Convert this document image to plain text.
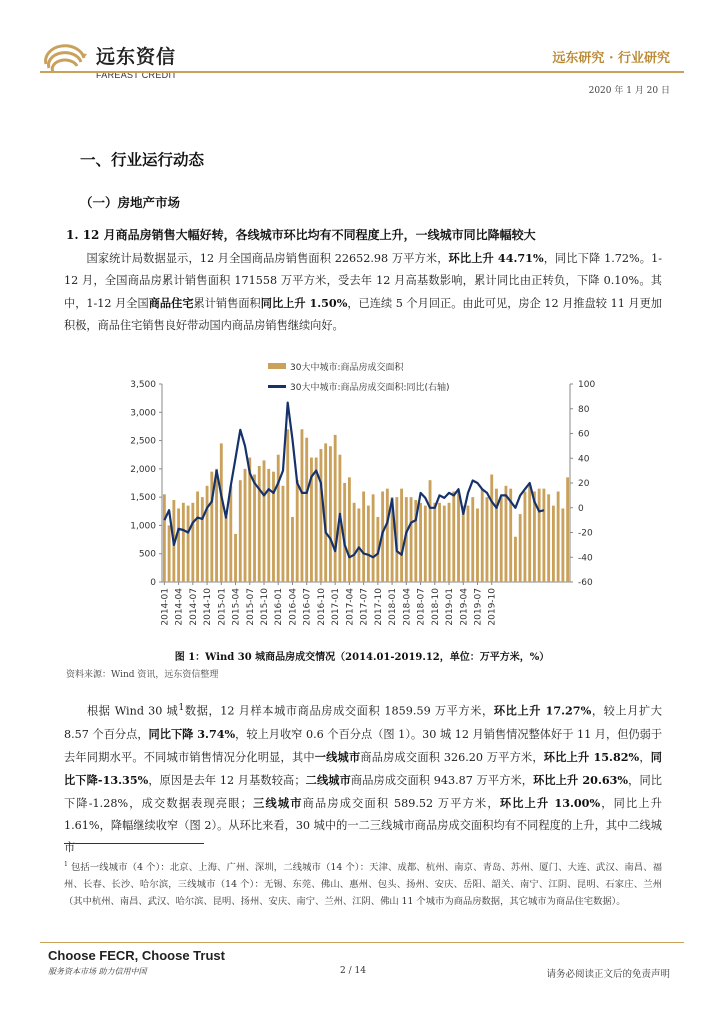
远东资信
FAREAST CREDIT
远东研究 · 行业研究
2020 年 1 月 20 日
一、行业运行动态
（一）房地产市场
1. 12 月商品房销售大幅好转，各线城市环比均有不同程度上升，一线城市同比降幅较大
  国家统计局数据显示，12 月全国商品房销售面积 22652.98 万平方米，环比上升 44.71%，同比下降 1.72%。1-12 月，全国商品房累计销售面积 171558 万平方米，受去年 12 月高基数影响，累计同比由正转负，下降 0.10%。其中，1-12 月全国商品住宅累计销售面积同比上升 1.50%，已连续 5 个月回正。由此可见，房企 12 月推盘较 11 月更加积极，商品住宅销售良好带动国内商品房销售继续向好。
30大中城市:商品房成交面积
30大中城市:商品房成交面积:同比(右轴)
0
500
1,000
1,500
2,000
2,500
3,000
3,500
-60
-40
-20
0
20
40
60
80
100
2014-01 2014-04 2014-07 2014-10 2015-01 2015-04 2015-07 2015-10 2016-01 2016-04 2016-07 2016-10 2017-01 2017-04 2017-07 2017-10 2018-01 2018-04 2018-07 2018-10 2019-01 2019-04 2019-07 2019-10
图 1：Wind 30 城商品房成交情况（2014.01-2019.12，单位：万平方米，%）
资料来源：Wind 资讯，远东资信整理
  根据 Wind 30 城$^1$数据，12 月样本城市商品房成交面积 1859.59 万平方米，环比上升 17.27%，较上月扩大 8.57 个百分点，同比下降 3.74%，较上月收窄 0.6 个百分点（图 1）。30 城 12 月销售情况整体好于 11 月，但仍弱于去年同期水平。不同城市销售情况分化明显，其中一线城市商品房成交面积 326.20 万平方米，环比上升 15.82%，同比下降-13.35%，原因是去年 12 月基数较高；二线城市商品房成交面积 943.87 万平方米，环比上升 20.63%，同比下降-1.28%，成交数据表现亮眼；三线城市商品房成交面积 589.52 万平方米，环比上升 13.00%，同比上升 1.61%，降幅继续收窄（图 2）。从环比来看，30 城中的一二三线城市商品房成交面积均有不同程度的上升，其中二线城市
$^1$ 包括一线城市（4 个）：北京、上海、广州、深圳，二线城市（14 个）：天津、成都、杭州、南京、青岛、苏州、厦门、大连、武汉、南昌、福州、长春、长沙、哈尔滨，三线城市（14 个）：无锡、东莞、佛山、惠州、包头、扬州、安庆、岳阳、韶关、南宁、江阴、昆明、石家庄、兰州（其中杭州、南昌、武汉、哈尔滨、昆明、扬州、安庆、南宁、兰州、江阴、佛山 11 个城市为商品房数据，其它城市为商品住宅数据）。
Choose FECR, Choose Trust
服务资本市场 助力信用中国	2 / 14	请务必阅读正文后的免责声明
